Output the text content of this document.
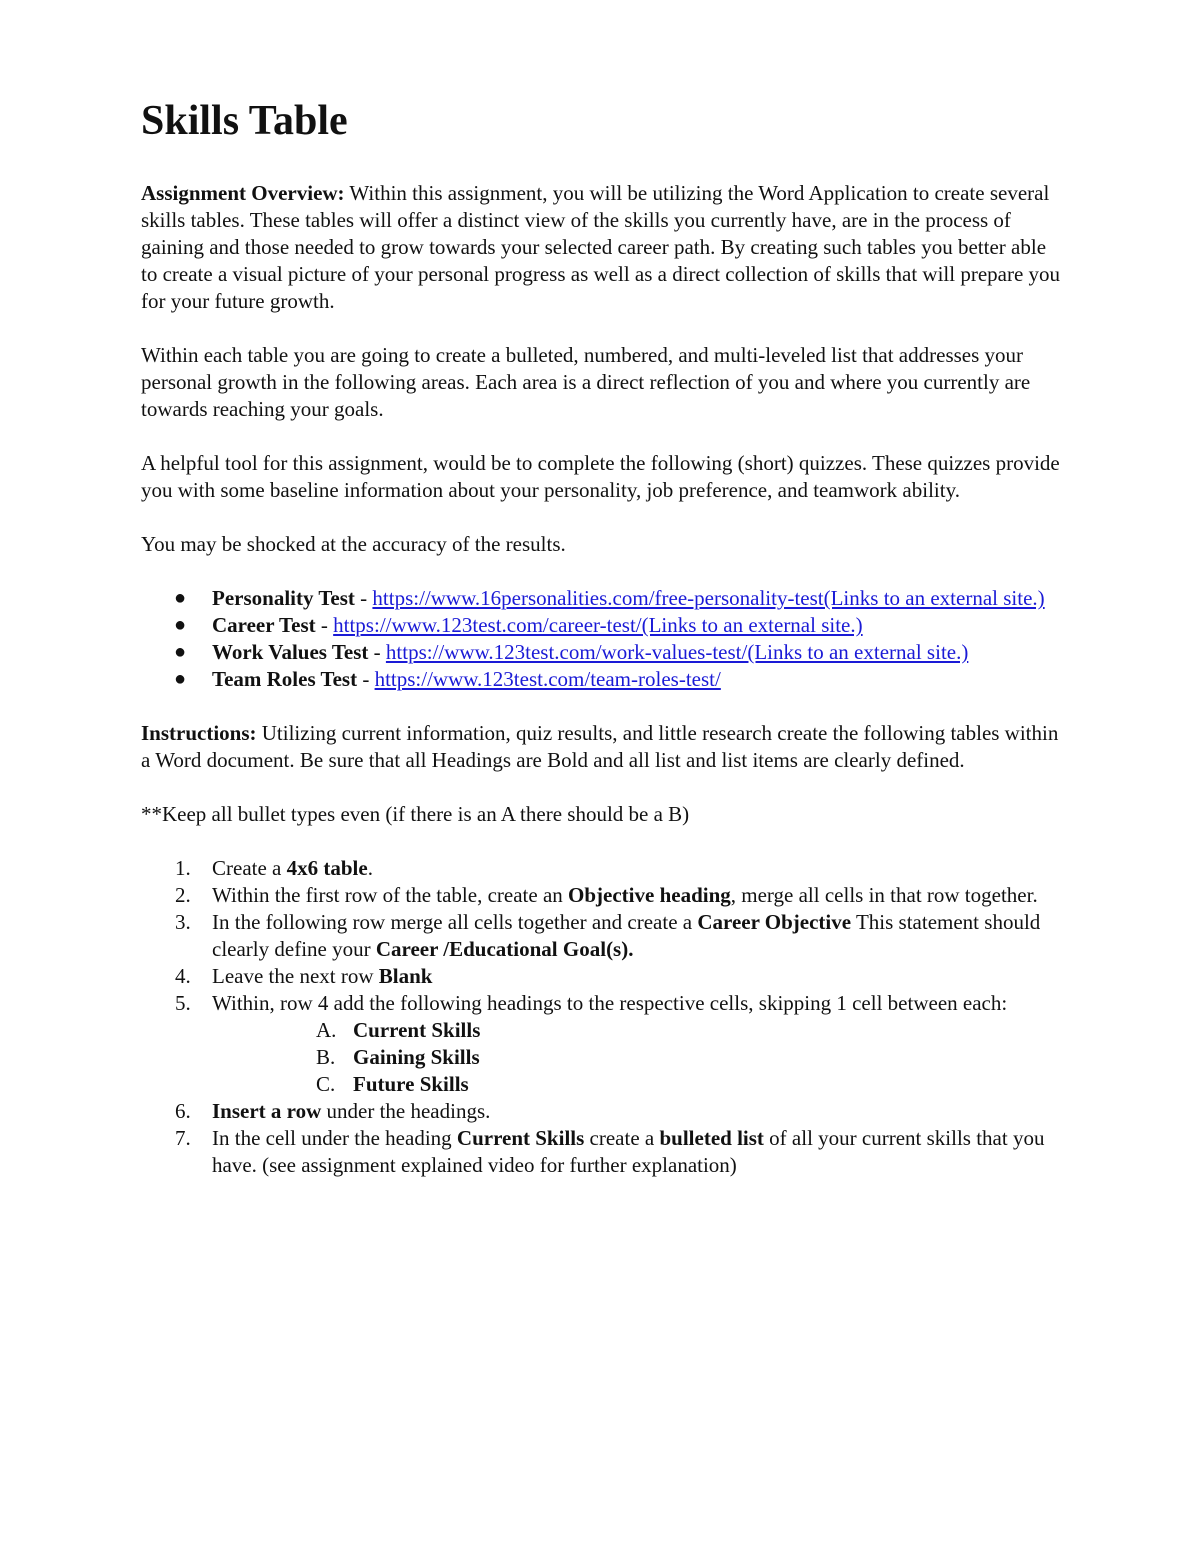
Skills Table

Assignment Overview: Within this assignment, you will be utilizing the Word Application to create several skills tables. These tables will offer a distinct view of the skills you currently have, are in the process of gaining and those needed to grow towards your selected career path. By creating such tables you better able to create a visual picture of your personal progress as well as a direct collection of skills that will prepare you for your future growth.

Within each table you are going to create a bulleted, numbered, and multi-leveled list that addresses your personal growth in the following areas. Each area is a direct reflection of you and where you currently are towards reaching your goals.

A helpful tool for this assignment, would be to complete the following (short) quizzes. These quizzes provide you with some baseline information about your personality, job preference, and teamwork ability.

You may be shocked at the accuracy of the results.

● Personality Test - https://www.16personalities.com/free-personality-test(Links to an external site.)
● Career Test - https://www.123test.com/career-test/(Links to an external site.)
● Work Values Test - https://www.123test.com/work-values-test/(Links to an external site.)
● Team Roles Test - https://www.123test.com/team-roles-test/

Instructions: Utilizing current information, quiz results, and little research create the following tables within a Word document. Be sure that all Headings are Bold and all list and list items are clearly defined.

**Keep all bullet types even (if there is an A there should be a B)

1. Create a 4x6 table.
2. Within the first row of the table, create an Objective heading, merge all cells in that row together.
3. In the following row merge all cells together and create a Career Objective This statement should clearly define your Career /Educational Goal(s).
4. Leave the next row Blank
5. Within, row 4 add the following headings to the respective cells, skipping 1 cell between each:
A. Current Skills
B. Gaining Skills
C. Future Skills
6. Insert a row under the headings.
7. In the cell under the heading Current Skills create a bulleted list of all your current skills that you have. (see assignment explained video for further explanation)
